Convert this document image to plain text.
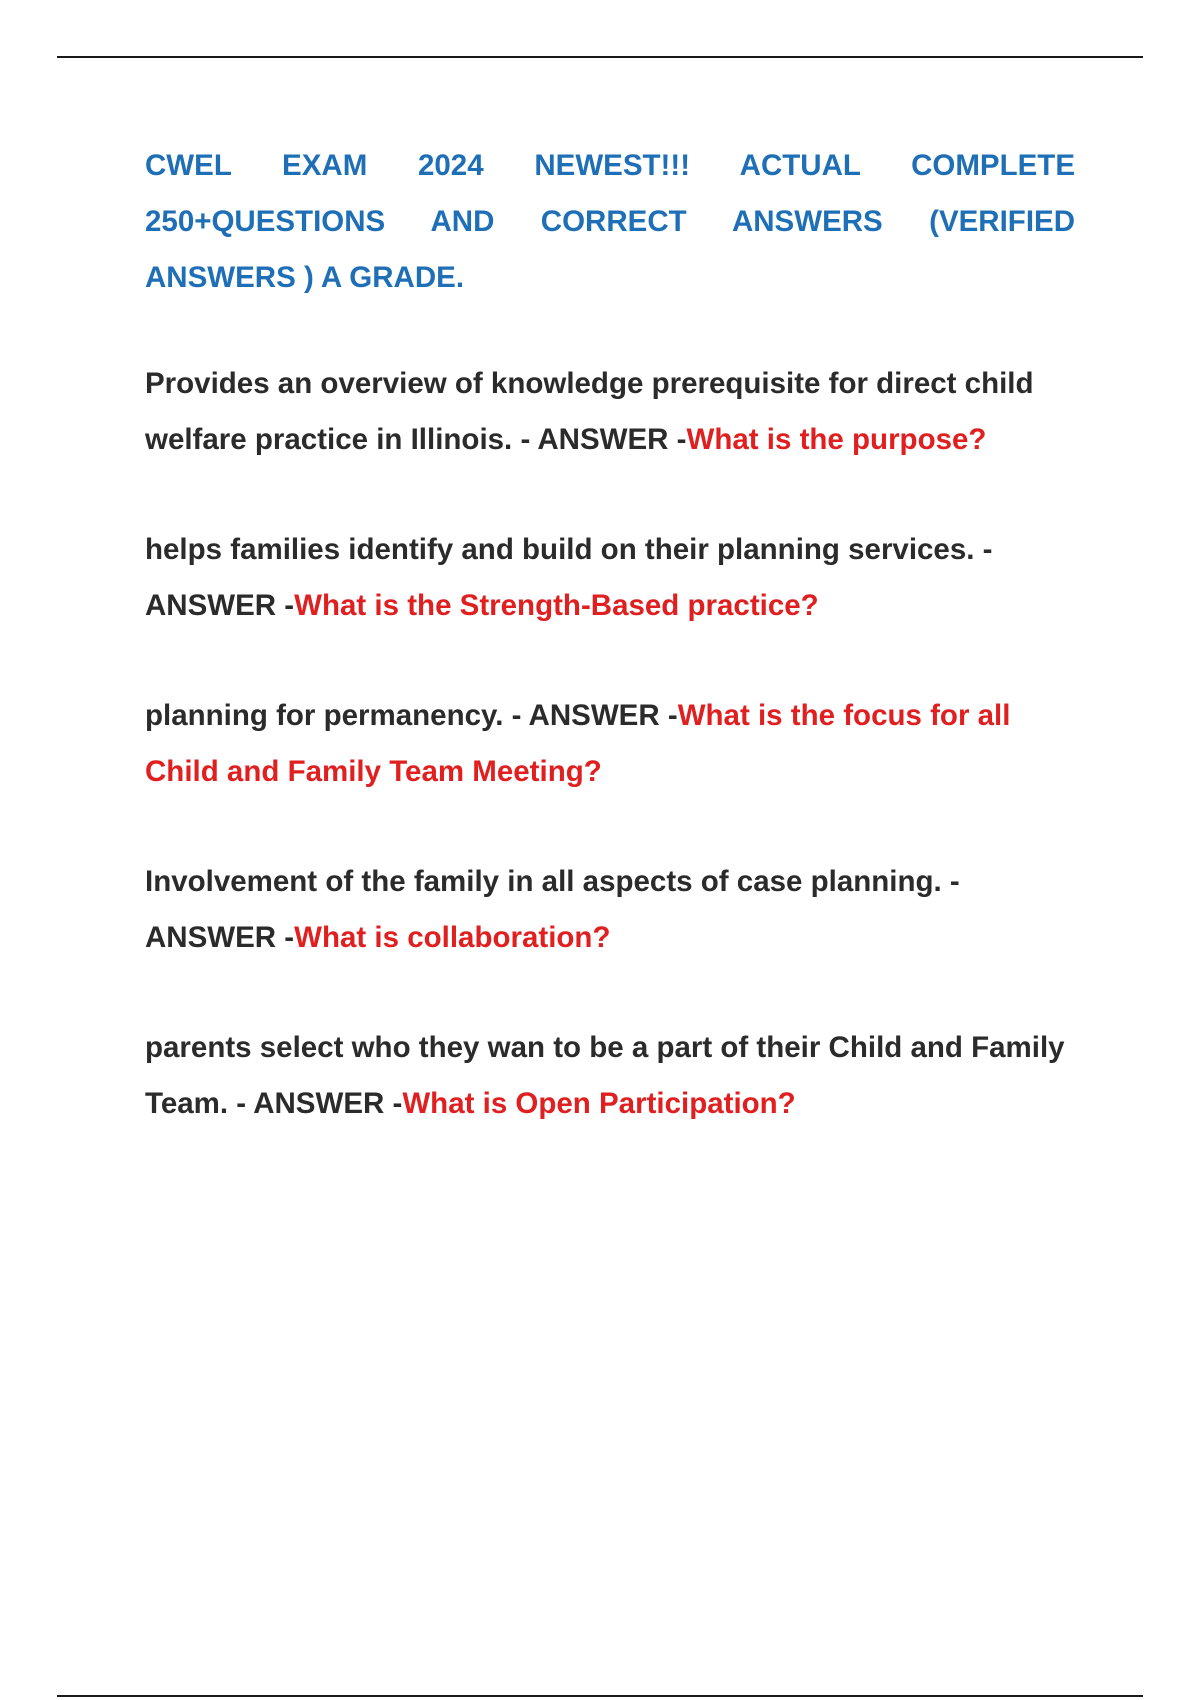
CWEL EXAM 2024 NEWEST!!! ACTUAL COMPLETE 250+QUESTIONS AND CORRECT ANSWERS (VERIFIED ANSWERS ) A GRADE.

Provides an overview of knowledge prerequisite for direct child welfare practice in Illinois. - ANSWER -What is the purpose?

helps families identify and build on their planning services. - ANSWER -What is the Strength-Based practice?

planning for permanency. - ANSWER -What is the focus for all Child and Family Team Meeting?

Involvement of the family in all aspects of case planning. - ANSWER -What is collaboration?

parents select who they wan to be a part of their Child and Family Team. - ANSWER -What is Open Participation?
